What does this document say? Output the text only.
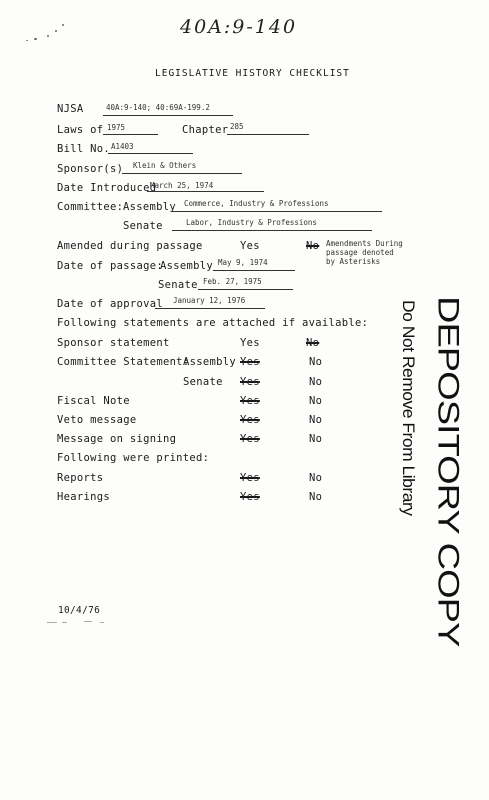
40A:9-140
LEGISLATIVE HISTORY CHECKLIST
NJSA	40A:9-140; 40:69A-199.2
Laws of 1975	Chapter 285
Bill No. A1403
Sponsor(s) Klein & Others
Date Introduced
March 25, 1974
Committee: Assembly Commerce, Industry & Professions
Senate	Labor, Industry & Professions
Amended during passage	Yes	No Amendments During
passage denoted
by Asterisks
Date of passage:
Assembly May 9, 1974
Senate Feb. 27, 1975
Date of approval January 12, 1976
Following statements are attached if available:
Sponsor statement	Yes	No
Committee Statement:
Assembly Yes	No
Senate Yes	No
Fiscal Note	Yes	No
Veto message	Yes	No
Message on signing	Yes	No
Following were printed:
Reports	Yes	No
Hearings	Yes	No	DEPOSITORY COPY
Do Not Remove From Library
10/4/76
